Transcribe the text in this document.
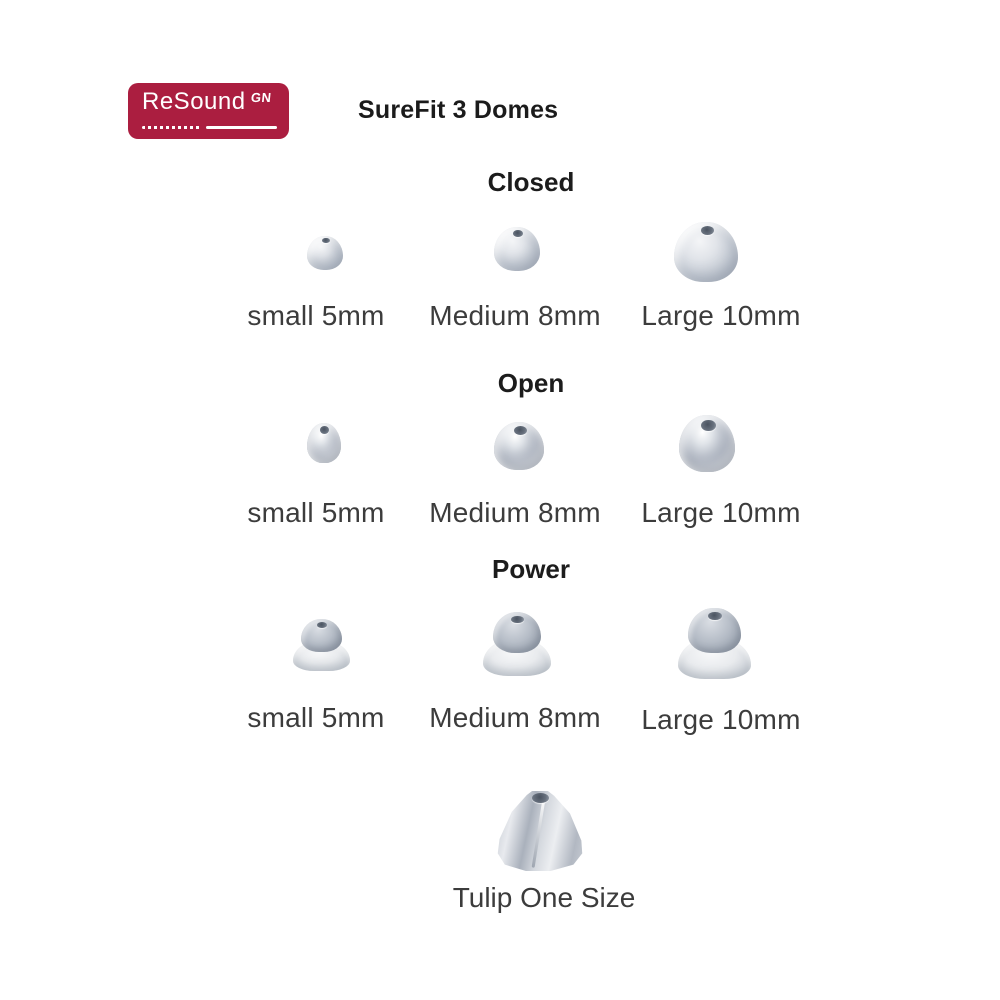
ReSound GN	SureFit 3 Domes
Closed
small 5mm	Medium 8mm	Large 10mm
Open
small 5mm	Medium 8mm	Large 10mm
Power
small 5mm	Medium 8mm	Large 10mm
Tulip One Size
